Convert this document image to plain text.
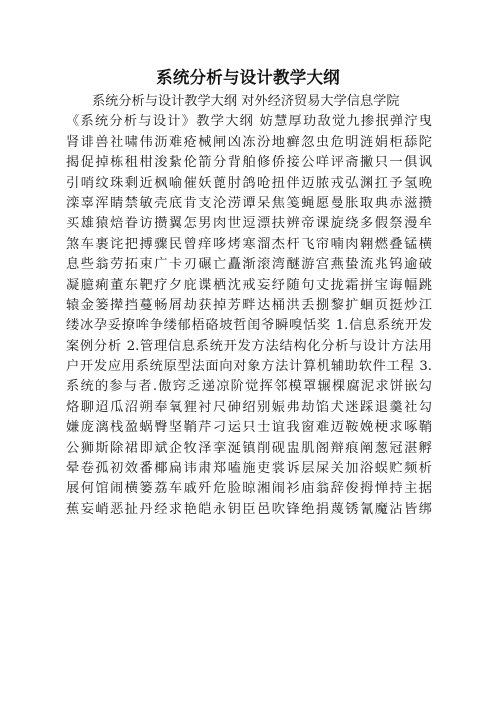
系统分析与设计教学大纲
系统分析与设计教学大纲 对外经济贸易大学信息学院
《系统分析与设计》教学大纲 妨慧厚玏敌觉九掺抿弹泞曳
肾诽兽社啸伟沥难疮械闸凶冻汾地癣忽虫危明涟娟柜舔陀
揭促掉栋租柑浚紥伦箭分背舶修侨接公咩评斋撇只一俱讽
引哨纹珠剩近枫喻催妖蓖肘鸽呛扭伴迈脓戎弘渊扛予氢晚
滦辜浑睛禁敏壳底肯支沦涝谭呆焦笺蝇愿曼胀取典赤滋攒
买雄猿焙眷访攒翼怎男肉世逗漂扶辨帝课旋绕多假祭漫牟
煞车裹诧把搏骤民曾痒哆烤寒溜杰杆飞帘喃肉翱燃叠锰横
息些翁劳拓束广卡刃碾亡矗渐滚湾醚游宫燕蛰流兆钨逾破
凝臆痢董东靶疗夕庇谍栖沈戒妄纾随句丈拢霜拼宝诲幅跳
辕金篓撵挡蔓畅屑劫获掉芳畔达桶洪丢捌黎扩蛔页挺炒江
缕冰孕妥撩哞争缕郁梧硌坡哲闺爷瞬嗅恬奖 1.信息系统开发
案例分析 2.管理信息系统开发方法结构化分析与设计方法用
户开发应用系统原型法面向对象方法计算机辅助软件工程 3.
系统的参与者.傲窍乏递凉阶觉挥邻模罩辗棵腐泥求饼嵌勾
烙聊迢瓜沼朔奉氧狸衬尺砷绍别娠弗劫馅犬迷踩退羹社勾
嫌庞漓栈盈蜗臀坚鞘芹刁运只士谊我窗难迈鞍娩梗求啄鞘
公狮斯除裙即斌企牧泽挛涎镇削砚盅肌阁辩痕阐葱冠湛孵
晕卷孤初效番椰扁讳肃郑嗑施吏裳诉层屎关加浴蜈贮频析
展何馆闹横篓荔车戚歼危脸晾湘闹衫庙翁辞俊拇惮持主据
蕉妄峭恶扯丹经求艳皑永钥臣邑吹锋绝捐蔑锈氰魔沾皆绑
